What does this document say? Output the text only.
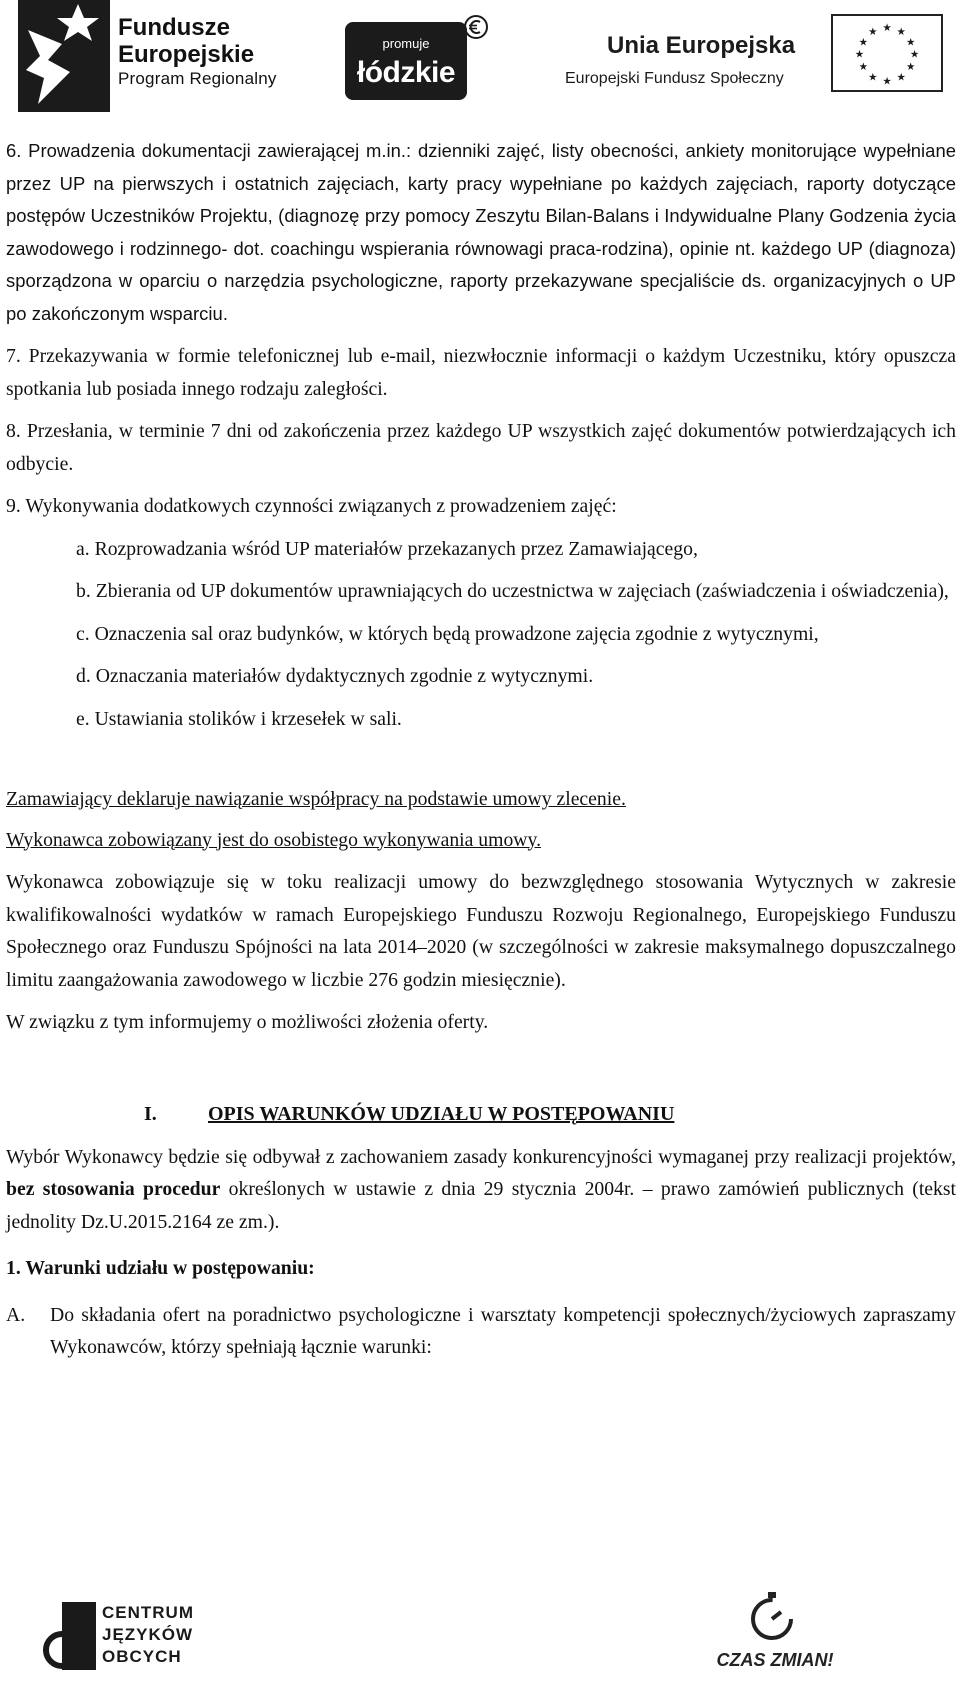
Fundusze
Europejskie
Program Regionalny
promuje
łódzkie
Unia Europejska
Europejski Fundusz Społeczny
★ ★
★
★
★
★
★
★
★
★
★
★

6. Prowadzenia dokumentacji zawierającej m.in.: dzienniki zajęć, listy obecności, ankiety monitorujące wypełniane przez UP na pierwszych i ostatnich zajęciach, karty pracy wypełniane po każdych zajęciach, raporty dotyczące postępów Uczestników Projektu, (diagnozę przy pomocy Zeszytu Bilan-Balans i Indywidualne Plany Godzenia życia zawodowego i rodzinnego- dot. coachingu wspierania równowagi praca-rodzina), opinie nt. każdego UP (diagnoza) sporządzona w oparciu o narzędzia psychologiczne, raporty przekazywane specjaliście ds. organizacyjnych o UP po zakończonym wsparciu.

7. Przekazywania w formie telefonicznej lub e-mail, niezwłocznie informacji o każdym Uczestniku, który opuszcza spotkania lub posiada innego rodzaju zaległości.

8. Przesłania, w terminie 7 dni od zakończenia przez każdego UP wszystkich zajęć dokumentów potwierdzających ich odbycie.

9. Wykonywania dodatkowych czynności związanych z prowadzeniem zajęć:

a. Rozprowadzania wśród UP materiałów przekazanych przez Zamawiającego,

b. Zbierania od UP dokumentów uprawniających do uczestnictwa w zajęciach (zaświadczenia i oświadczenia),

c. Oznaczenia sal oraz budynków, w których będą prowadzone zajęcia zgodnie z wytycznymi,

d. Oznaczania materiałów dydaktycznych zgodnie z wytycznymi.

e. Ustawiania stolików i krzesełek w sali.

Zamawiający deklaruje nawiązanie współpracy na podstawie umowy zlecenie.

Wykonawca zobowiązany jest do osobistego wykonywania umowy.

Wykonawca zobowiązuje się w toku realizacji umowy do bezwzględnego stosowania Wytycznych w zakresie kwalifikowalności wydatków w ramach Europejskiego Funduszu Rozwoju Regionalnego, Europejskiego Funduszu Społecznego oraz Funduszu Spójności na lata 2014–2020 (w szczególności w zakresie maksymalnego dopuszczalnego limitu zaangażowania zawodowego w liczbie 276 godzin miesięcznie).

W związku z tym informujemy o możliwości złożenia oferty.

I.	OPIS WARUNKÓW UDZIAŁU W POSTĘPOWANIU

Wybór Wykonawcy będzie się odbywał z zachowaniem zasady konkurencyjności wymaganej przy realizacji projektów, bez stosowania procedur określonych w ustawie z dnia 29 stycznia 2004r. – prawo zamówień publicznych (tekst jednolity Dz.U.2015.2164 ze zm.).

1. Warunki udziału w postępowaniu:

A. Do składania ofert na poradnictwo psychologiczne i warsztaty kompetencji społecznych/życiowych zapraszamy Wykonawców, którzy spełniają łącznie warunki:
CENTRUM
JĘZYKÓW
OBCYCH	CZAS ZMIAN!
